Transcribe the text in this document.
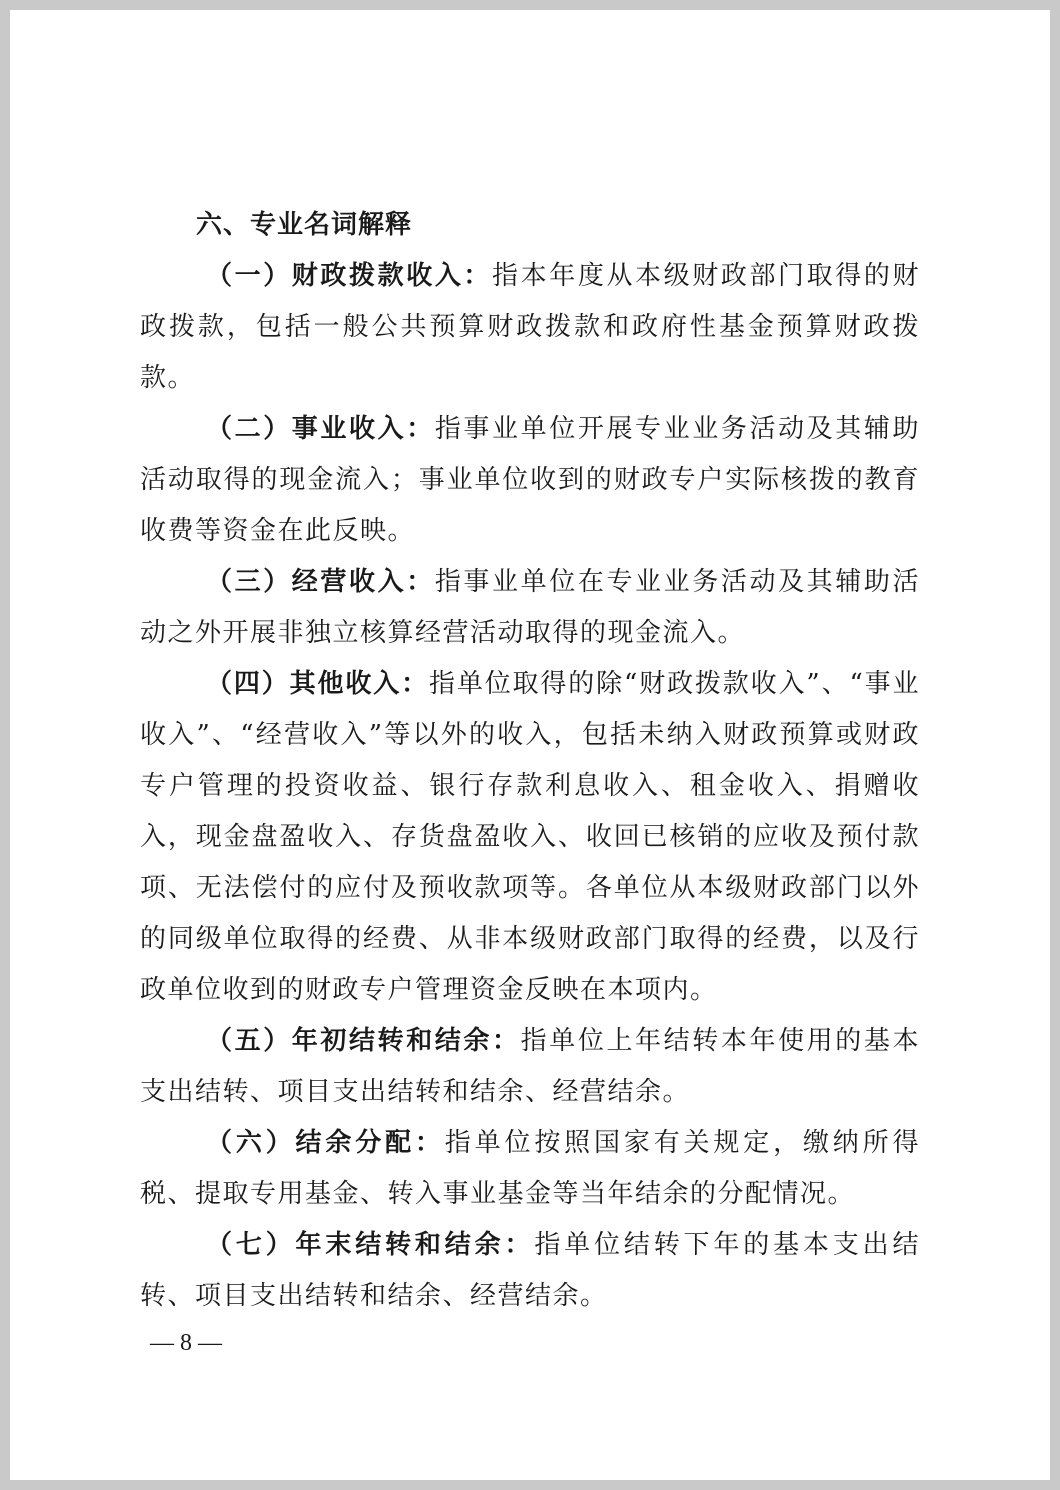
六、专业名词解释

（一）财政拨款收入：指本年度从本级财政部门取得的财政拨款，包括一般公共预算财政拨款和政府性基金预算财政拨款。

（二）事业收入：指事业单位开展专业业务活动及其辅助活动取得的现金流入；事业单位收到的财政专户实际核拨的教育收费等资金在此反映。

（三）经营收入：指事业单位在专业业务活动及其辅助活动之外开展非独立核算经营活动取得的现金流入。

（四）其他收入：指单位取得的除“财政拨款收入”、“事业收入”、“经营收入”等以外的收入，包括未纳入财政预算或财政专户管理的投资收益、银行存款利息收入、租金收入、捐赠收入，现金盘盈收入、存货盘盈收入、收回已核销的应收及预付款项、无法偿付的应付及预收款项等。各单位从本级财政部门以外的同级单位取得的经费、从非本级财政部门取得的经费，以及行政单位收到的财政专户管理资金反映在本项内。

（五）年初结转和结余：指单位上年结转本年使用的基本支出结转、项目支出结转和结余、经营结余。

（六）结余分配：指单位按照国家有关规定，缴纳所得税、提取专用基金、转入事业基金等当年结余的分配情况。

（七）年末结转和结余：指单位结转下年的基本支出结转、项目支出结转和结余、经营结余。

— 8 —
